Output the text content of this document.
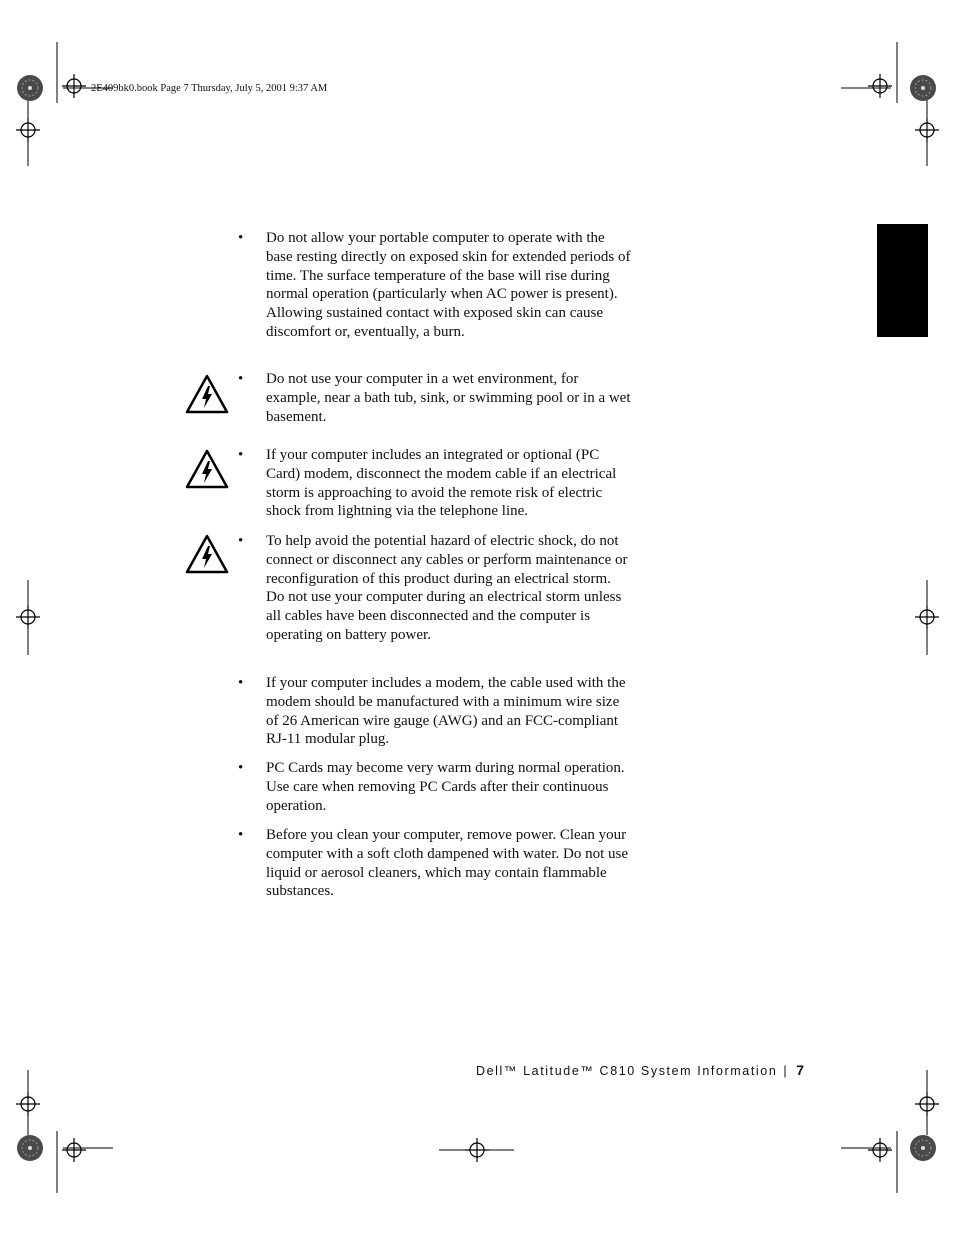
2E409bk0.book Page 7 Thursday, July 5, 2001 9:37 AM
• Do not allow your portable computer to operate with the base resting directly on exposed skin for extended periods of time. The surface temperature of the base will rise during normal operation (particularly when AC power is present). Allowing sustained contact with exposed skin can cause discomfort or, eventually, a burn.
• Do not use your computer in a wet environment, for example, near a bath tub, sink, or swimming pool or in a wet basement.
• If your computer includes an integrated or optional (PC Card) modem, disconnect the modem cable if an electrical storm is approaching to avoid the remote risk of electric shock from lightning via the telephone line.
• To help avoid the potential hazard of electric shock, do not connect or disconnect any cables or perform maintenance or reconfiguration of this product during an electrical storm. Do not use your computer during an electrical storm unless all cables have been disconnected and the computer is operating on battery power.
• If your computer includes a modem, the cable used with the modem should be manufactured with a minimum wire size of 26 American wire gauge (AWG) and an FCC-compliant RJ-11 modular plug.
• PC Cards may become very warm during normal operation. Use care when removing PC Cards after their continuous operation.
• Before you clean your computer, remove power. Clean your computer with a soft cloth dampened with water. Do not use liquid or aerosol cleaners, which may contain flammable substances.
Dell™ Latitude™ C810 System Information | 7
